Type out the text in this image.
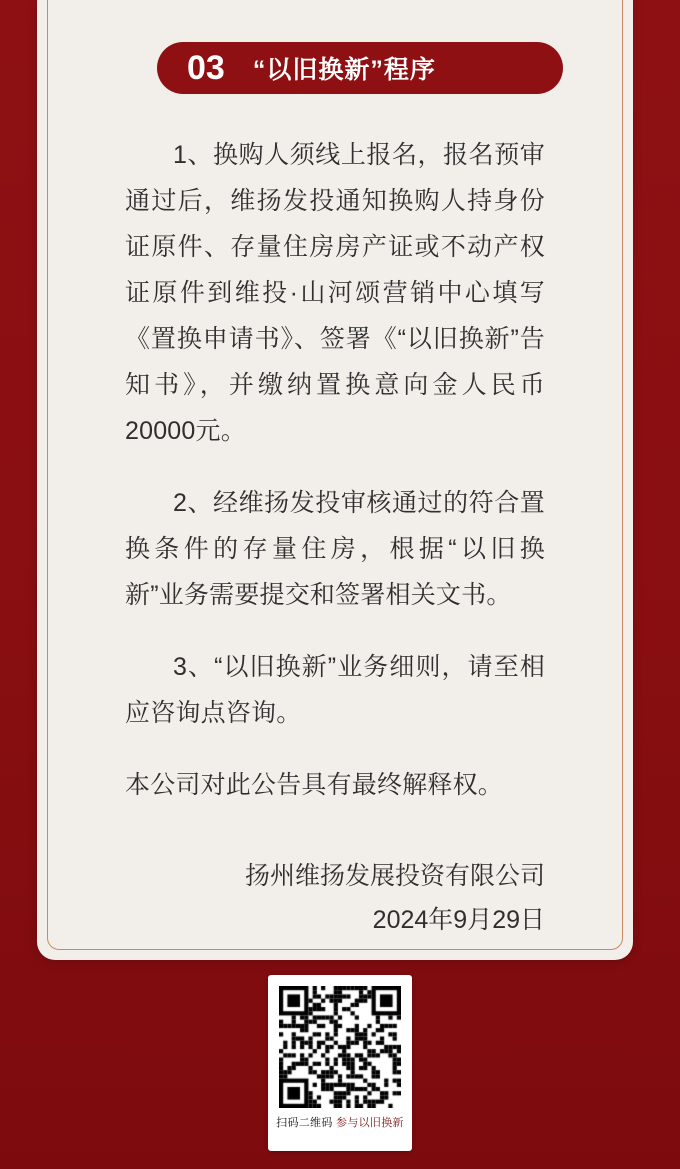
03 “以旧换新”程序

1、换购人须线上报名，报名预审通过后，维扬发投通知换购人持身份证原件、存量住房房产证或不动产权证原件到维投·山河颂营销中心填写《置换申请书》、签署《“以旧换新”告知书》，并缴纳置换意向金人民币20000元。

2、经维扬发投审核通过的符合置换条件的存量住房，根据“以旧换新”业务需要提交和签署相关文书。

3、“以旧换新”业务细则，请至相应咨询点咨询。

本公司对此公告具有最终解释权。

扬州维扬发展投资有限公司
2024年9月29日
扫码二维码 参与以旧换新
